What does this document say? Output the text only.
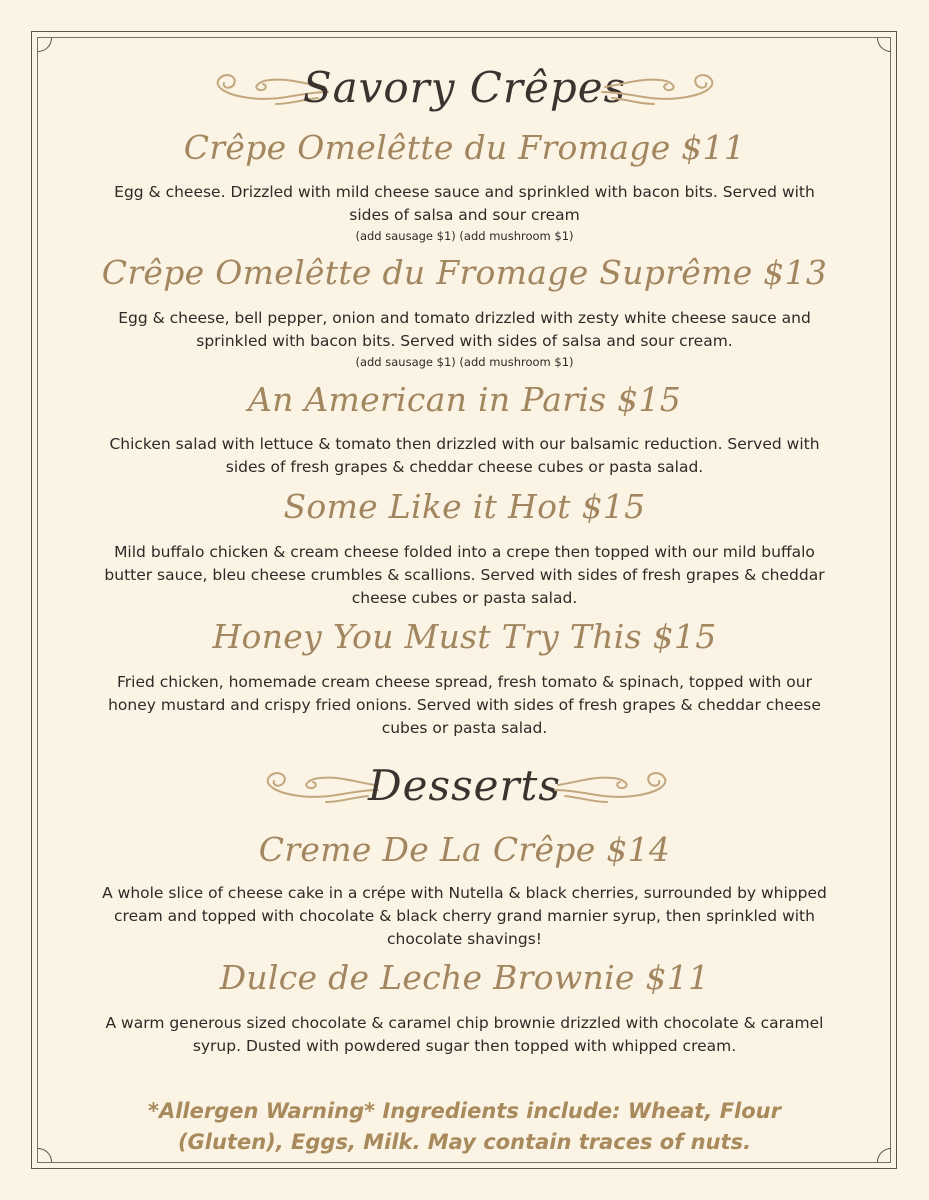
Savory Crêpes
Crêpe Omelêtte du Fromage $11
Egg & cheese. Drizzled with mild cheese sauce and sprinkled with bacon bits. Served with sides of salsa and sour cream
(add sausage $1) (add mushroom $1)
Crêpe Omelêtte du Fromage Suprême $13
Egg & cheese, bell pepper, onion and tomato drizzled with zesty white cheese sauce and sprinkled with bacon bits. Served with sides of salsa and sour cream.
(add sausage $1) (add mushroom $1)
An American in Paris $15
Chicken salad with lettuce & tomato then drizzled with our balsamic reduction. Served with sides of fresh grapes & cheddar cheese cubes or pasta salad.
Some Like it Hot $15
Mild buffalo chicken & cream cheese folded into a crepe then topped with our mild buffalo butter sauce, bleu cheese crumbles & scallions. Served with sides of fresh grapes & cheddar cheese cubes or pasta salad.
Honey You Must Try This $15
Fried chicken, homemade cream cheese spread, fresh tomato & spinach, topped with our honey mustard and crispy fried onions. Served with sides of fresh grapes & cheddar cheese cubes or pasta salad.
Desserts
Creme De La Crêpe $14
A whole slice of cheese cake in a crépe with Nutella & black cherries, surrounded by whipped cream and topped with chocolate & black cherry grand marnier syrup, then sprinkled with chocolate shavings!
Dulce de Leche Brownie $11
A warm generous sized chocolate & caramel chip brownie drizzled with chocolate & caramel syrup. Dusted with powdered sugar then topped with whipped cream.
*Allergen Warning* Ingredients include: Wheat, Flour (Gluten), Eggs, Milk. May contain traces of nuts.
